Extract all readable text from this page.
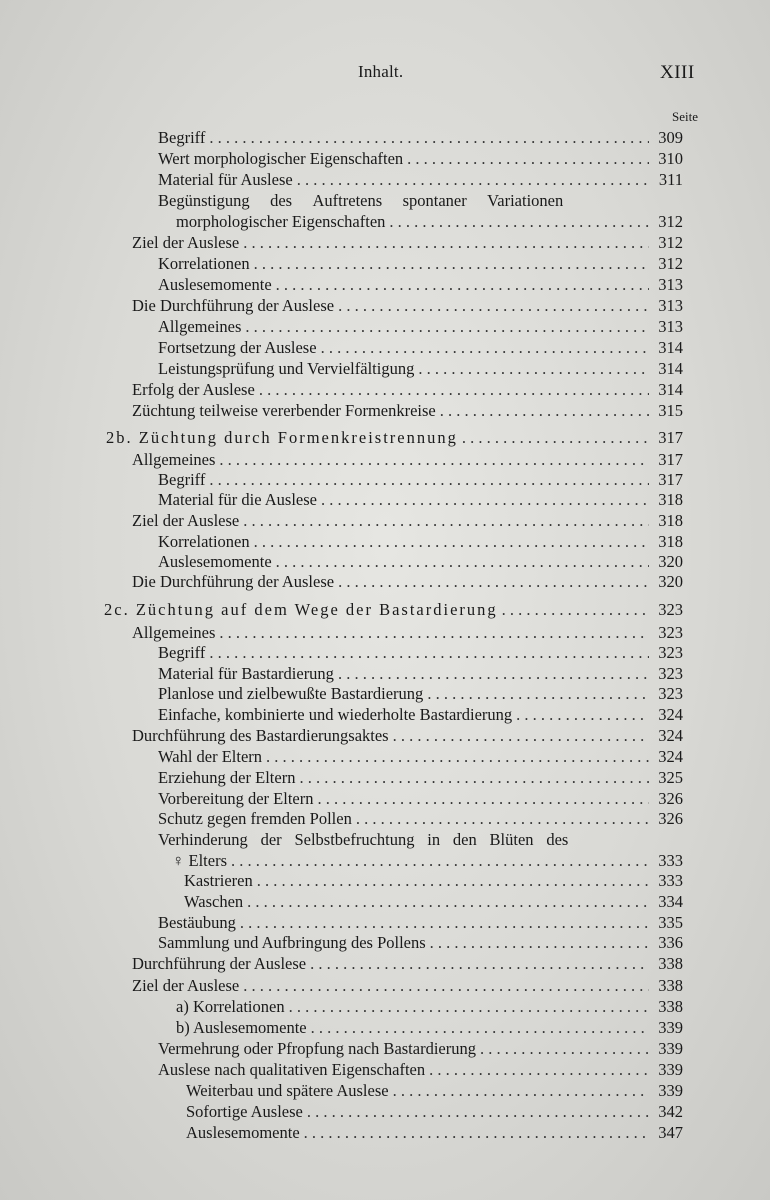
Inhalt.	XIII
Seite
Begriff . . .	309
Wert morphologischer Eigenschaften . . .	310
Material für Auslese . . .	311
Begünstigung des Auftretens spontaner Variationen
morphologischer Eigenschaften . . .	312
Ziel der Auslese . . .	312
Korrelationen . . .	312
Auslesemomente . . .	313
Die Durchführung der Auslese . . .	313
Allgemeines . . .	313
Fortsetzung der Auslese . . .	314
Leistungsprüfung und Vervielfältigung . . .	314
Erfolg der Auslese . . .	314
Züchtung teilweise vererbender Formenkreise . . .	315
2b. Züchtung durch Formenkreistrennung . . .	317
Allgemeines . . .	317
Begriff . . .	317
Material für die Auslese . . .	318
Ziel der Auslese . . .	318
Korrelationen . . .	318
Auslesemomente . . .	320
Die Durchführung der Auslese . . .	320
2c. Züchtung auf dem Wege der Bastardierung . . .	323
Allgemeines . . .	323
Begriff . . .	323
Material für Bastardierung . . .	323
Planlose und zielbewußte Bastardierung . . .	323
Einfache, kombinierte und wiederholte Bastardierung . . .	324
Durchführung des Bastardierungsaktes . . .	324
Wahl der Eltern . . .	324
Erziehung der Eltern . . .	325
Vorbereitung der Eltern . . .	326
Schutz gegen fremden Pollen . . .	326
Verhinderung der Selbstbefruchtung in den Blüten des
♀ Elters . . .	333
Kastrieren . . .	333
Waschen . . .	334
Bestäubung . . .	335
Sammlung und Aufbringung des Pollens . . .	336
Durchführung der Auslese . . .	338
Ziel der Auslese . . .	338
a) Korrelationen . . .	338
b) Auslesemomente . . .	339
Vermehrung oder Pfropfung nach Bastardierung . . .	339
Auslese nach qualitativen Eigenschaften . . .	339
Weiterbau und spätere Auslese . . .	339
Sofortige Auslese . . .	342
Auslesemomente . . .	347
